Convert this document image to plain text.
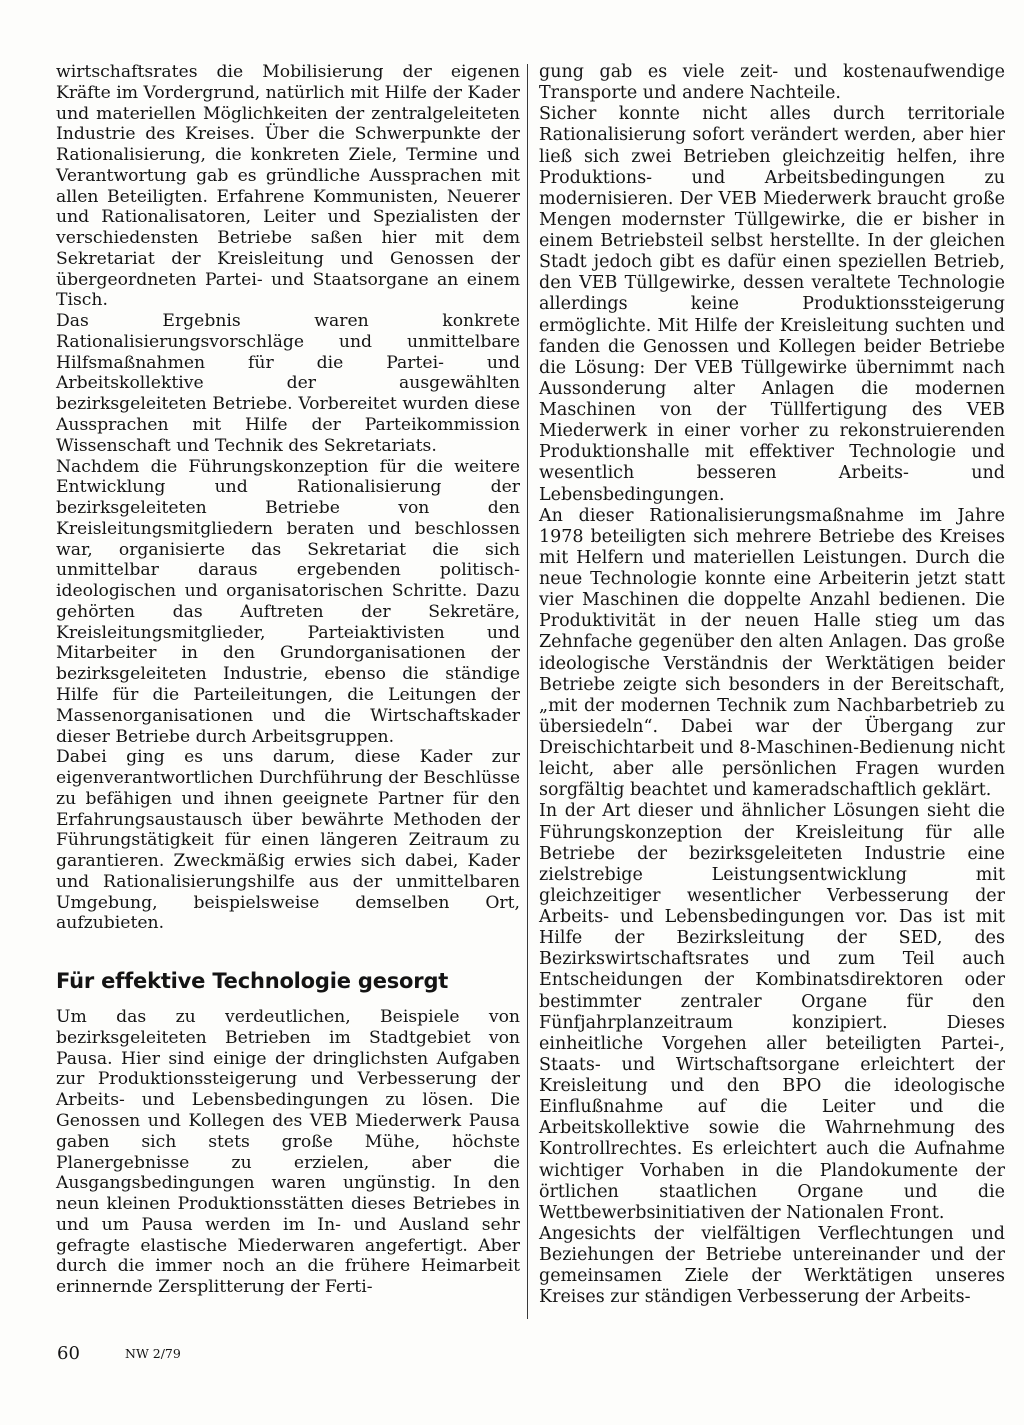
wirtschaftsrates die Mobilisierung der eigenen Kräfte im Vordergrund, natürlich mit Hilfe der Kader und materiellen Möglichkeiten der zentralgeleiteten Industrie des Kreises. Über die Schwerpunkte der Rationalisierung, die konkreten Ziele, Termine und Verantwortung gab es gründliche Aussprachen mit allen Beteiligten. Erfahrene Kommunisten, Neuerer und Rationalisatoren, Leiter und Spezialisten der verschiedensten Betriebe saßen hier mit dem Sekretariat der Kreisleitung und Genossen der übergeordneten Partei- und Staatsorgane an einem Tisch.

Das Ergebnis waren konkrete Rationalisierungsvorschläge und unmittelbare Hilfsmaßnahmen für die Partei- und Arbeitskollektive der ausgewählten bezirksgeleiteten Betriebe. Vorbereitet wurden diese Aussprachen mit Hilfe der Parteikommission Wissenschaft und Technik des Sekretariats.

Nachdem die Führungskonzeption für die weitere Entwicklung und Rationalisierung der bezirksgeleiteten Betriebe von den Kreisleitungsmitgliedern beraten und beschlossen war, organisierte das Sekretariat die sich unmittelbar daraus ergebenden politisch-ideologischen und organisatorischen Schritte. Dazu gehörten das Auftreten der Sekretäre, Kreisleitungsmitglieder, Parteiaktivisten und Mitarbeiter in den Grundorganisationen der bezirksgeleiteten Industrie, ebenso die ständige Hilfe für die Parteileitungen, die Leitungen der Massenorganisationen und die Wirtschaftskader dieser Betriebe durch Arbeitsgruppen.

Dabei ging es uns darum, diese Kader zur eigenverantwortlichen Durchführung der Beschlüsse zu befähigen und ihnen geeignete Partner für den Erfahrungsaustausch über bewährte Methoden der Führungstätigkeit für einen längeren Zeitraum zu garantieren. Zweckmäßig erwies sich dabei, Kader und Rationalisierungshilfe aus der unmittelbaren Umgebung, beispielsweise demselben Ort, aufzubieten.

Für effektive Technologie gesorgt

Um das zu verdeutlichen, Beispiele von bezirksgeleiteten Betrieben im Stadtgebiet von Pausa. Hier sind einige der dringlichsten Aufgaben zur Produktionssteigerung und Verbesserung der Arbeits- und Lebensbedingungen zu lösen. Die Genossen und Kollegen des VEB Miederwerk Pausa gaben sich stets große Mühe, höchste Planergebnisse zu erzielen, aber die Ausgangsbedingungen waren ungünstig. In den neun kleinen Produktionsstätten dieses Betriebes in und um Pausa werden im In- und Ausland sehr gefragte elastische Miederwaren angefertigt. Aber durch die immer noch an die frühere Heimarbeit erinnernde Zersplitterung der Ferti-

gung gab es viele zeit- und kostenaufwendige Transporte und andere Nachteile.

Sicher konnte nicht alles durch territoriale Rationalisierung sofort verändert werden, aber hier ließ sich zwei Betrieben gleichzeitig helfen, ihre Produktions- und Arbeitsbedingungen zu modernisieren. Der VEB Miederwerk braucht große Mengen modernster Tüllgewirke, die er bisher in einem Betriebsteil selbst herstellte. In der gleichen Stadt jedoch gibt es dafür einen speziellen Betrieb, den VEB Tüllgewirke, dessen veraltete Technologie allerdings keine Produktionssteigerung ermöglichte. Mit Hilfe der Kreisleitung suchten und fanden die Genossen und Kollegen beider Betriebe die Lösung: Der VEB Tüllgewirke übernimmt nach Aussonderung alter Anlagen die modernen Maschinen von der Tüllfertigung des VEB Miederwerk in einer vorher zu rekonstruierenden Produktionshalle mit effektiver Technologie und wesentlich besseren Arbeits- und Lebensbedingungen.

An dieser Rationalisierungsmaßnahme im Jahre 1978 beteiligten sich mehrere Betriebe des Kreises mit Helfern und materiellen Leistungen. Durch die neue Technologie konnte eine Arbeiterin jetzt statt vier Maschinen die doppelte Anzahl bedienen. Die Produktivität in der neuen Halle stieg um das Zehnfache gegenüber den alten Anlagen. Das große ideologische Verständnis der Werktätigen beider Betriebe zeigte sich besonders in der Bereitschaft, „mit der modernen Technik zum Nachbarbetrieb zu übersiedeln“. Dabei war der Übergang zur Dreischichtarbeit und 8-Maschinen-Bedienung nicht leicht, aber alle persönlichen Fragen wurden sorgfältig beachtet und kameradschaftlich geklärt.

In der Art dieser und ähnlicher Lösungen sieht die Führungskonzeption der Kreisleitung für alle Betriebe der bezirksgeleiteten Industrie eine zielstrebige Leistungsentwicklung mit gleichzeitiger wesentlicher Verbesserung der Arbeits- und Lebensbedingungen vor. Das ist mit Hilfe der Bezirksleitung der SED, des Bezirkswirtschaftsrates und zum Teil auch Entscheidungen der Kombinatsdirektoren oder bestimmter zentraler Organe für den Fünfjahrplanzeitraum konzipiert. Dieses einheitliche Vorgehen aller beteiligten Partei-, Staats- und Wirtschaftsorgane erleichtert der Kreisleitung und den BPO die ideologische Einflußnahme auf die Leiter und die Arbeitskollektive sowie die Wahrnehmung des Kontrollrechtes. Es erleichtert auch die Aufnahme wichtiger Vorhaben in die Plandokumente der örtlichen staatlichen Organe und die Wettbewerbsinitiativen der Nationalen Front.

Angesichts der vielfältigen Verflechtungen und Beziehungen der Betriebe untereinander und der gemeinsamen Ziele der Werktätigen unseres Kreises zur ständigen Verbesserung der Arbeits-

60	NW 2/79
